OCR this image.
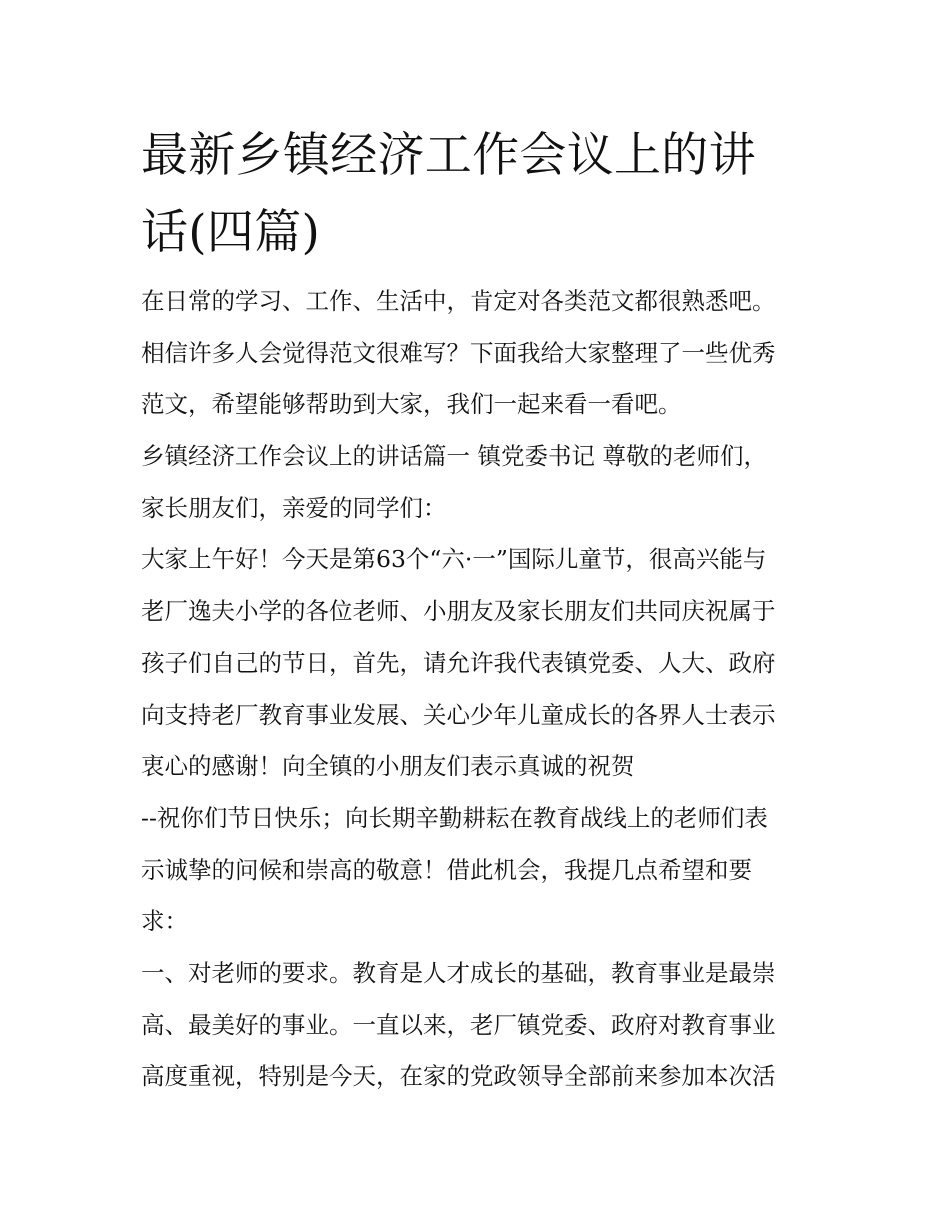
最新乡镇经济工作会议上的讲
话(四篇)
在日常的学习、工作、生活中，肯定对各类范文都很熟悉吧。
相信许多人会觉得范文很难写？下面我给大家整理了一些优秀
范文，希望能够帮助到大家，我们一起来看一看吧。
乡镇经济工作会议上的讲话篇一 镇党委书记 尊敬的老师们，
家长朋友们，亲爱的同学们：
大家上午好！今天是第63个“六·一”国际儿童节，很高兴能与
老厂逸夫小学的各位老师、小朋友及家长朋友们共同庆祝属于
孩子们自己的节日，首先，请允许我代表镇党委、人大、政府
向支持老厂教育事业发展、关心少年儿童成长的各界人士表示
衷心的感谢！向全镇的小朋友们表示真诚的祝贺
--祝你们节日快乐；向长期辛勤耕耘在教育战线上的老师们表
示诚挚的问候和崇高的敬意！借此机会，我提几点希望和要
求：
一、对老师的要求。教育是人才成长的基础，教育事业是最崇
高、最美好的事业。一直以来，老厂镇党委、政府对教育事业
高度重视，特别是今天，在家的党政领导全部前来参加本次活
